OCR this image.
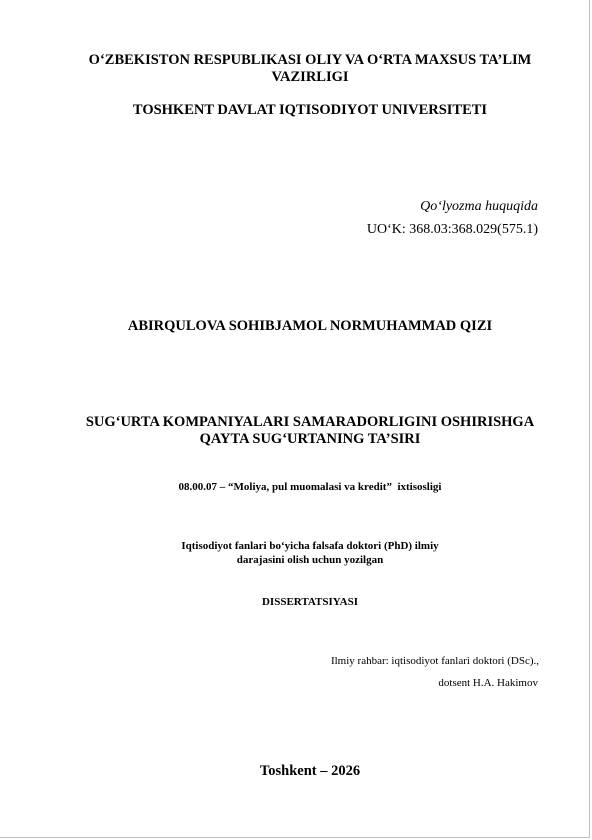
O‘ZBEKISTON RESPUBLIKASI OLIY VA O‘RTA MAXSUS TA’LIM
VAZIRLIGI
TOSHKENT DAVLAT IQTISODIYOT UNIVERSITETI
Qo‘lyozma huquqida
UO‘K: 368.03:368.029(575.1)
ABIRQULOVA SOHIBJAMOL NORMUHAMMAD QIZI
SUG‘URTA KOMPANIYALARI SAMARADORLIGINI OSHIRISHGA
QAYTA SUG‘URTANING TA’SIRI
08.00.07 – “Moliya, pul muomalasi va kredit”  ixtisosligi
Iqtisodiyot fanlari bo‘yicha falsafa doktori (PhD) ilmiy
darajasini olish uchun yozilgan
DISSERTATSIYASI
Ilmiy rahbar: iqtisodiyot fanlari doktori (DSc).,
dotsent H.A. Hakimov
Toshkent – 2026
